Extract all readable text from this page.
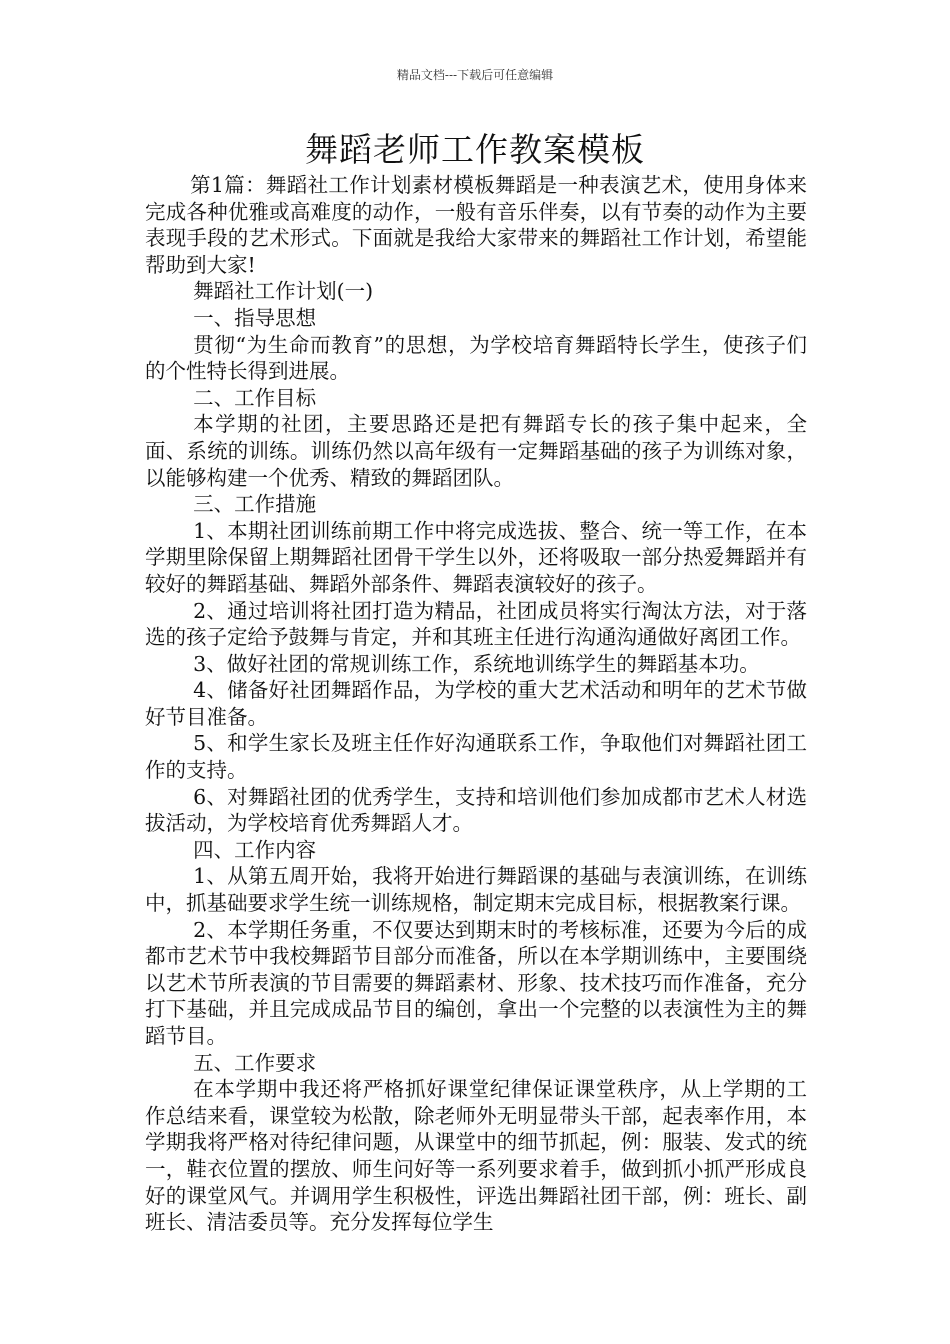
精品文档---下载后可任意编辑
舞蹈老师工作教案模板

第1篇：舞蹈社工作计划素材模板舞蹈是一种表演艺术，使用身体来完成各种优雅或高难度的动作，一般有音乐伴奏，以有节奏的动作为主要表现手段的艺术形式。下面就是我给大家带来的舞蹈社工作计划，希望能帮助到大家!

舞蹈社工作计划(一)

一、指导思想

贯彻“为生命而教育”的思想，为学校培育舞蹈特长学生，使孩子们的个性特长得到进展。

二、工作目标

本学期的社团，主要思路还是把有舞蹈专长的孩子集中起来，全面、系统的训练。训练仍然以高年级有一定舞蹈基础的孩子为训练对象，以能够构建一个优秀、精致的舞蹈团队。

三、工作措施

1、本期社团训练前期工作中将完成选拔、整合、统一等工作，在本学期里除保留上期舞蹈社团骨干学生以外，还将吸取一部分热爱舞蹈并有较好的舞蹈基础、舞蹈外部条件、舞蹈表演较好的孩子。

2、通过培训将社团打造为精品，社团成员将实行淘汰方法，对于落选的孩子定给予鼓舞与肯定，并和其班主任进行沟通沟通做好离团工作。

3、做好社团的常规训练工作，系统地训练学生的舞蹈基本功。

4、储备好社团舞蹈作品，为学校的重大艺术活动和明年的艺术节做好节目准备。

5、和学生家长及班主任作好沟通联系工作，争取他们对舞蹈社团工作的支持。

6、对舞蹈社团的优秀学生，支持和培训他们参加成都市艺术人材选拔活动，为学校培育优秀舞蹈人才。

四、工作内容

1、从第五周开始，我将开始进行舞蹈课的基础与表演训练，在训练中，抓基础要求学生统一训练规格，制定期末完成目标，根据教案行课。

2、本学期任务重，不仅要达到期末时的考核标准，还要为今后的成都市艺术节中我校舞蹈节目部分而准备，所以在本学期训练中，主要围绕以艺术节所表演的节目需要的舞蹈素材、形象、技术技巧而作准备，充分打下基础，并且完成成品节目的编创，拿出一个完整的以表演性为主的舞蹈节目。

五、工作要求

在本学期中我还将严格抓好课堂纪律保证课堂秩序，从上学期的工作总结来看，课堂较为松散，除老师外无明显带头干部，起表率作用，本学期我将严格对待纪律问题，从课堂中的细节抓起，例：服装、发式的统一，鞋衣位置的摆放、师生问好等一系列要求着手，做到抓小抓严形成良好的课堂风气。并调用学生积极性，评选出舞蹈社团干部，例：班长、副班长、清洁委员等。充分发挥每位学生
